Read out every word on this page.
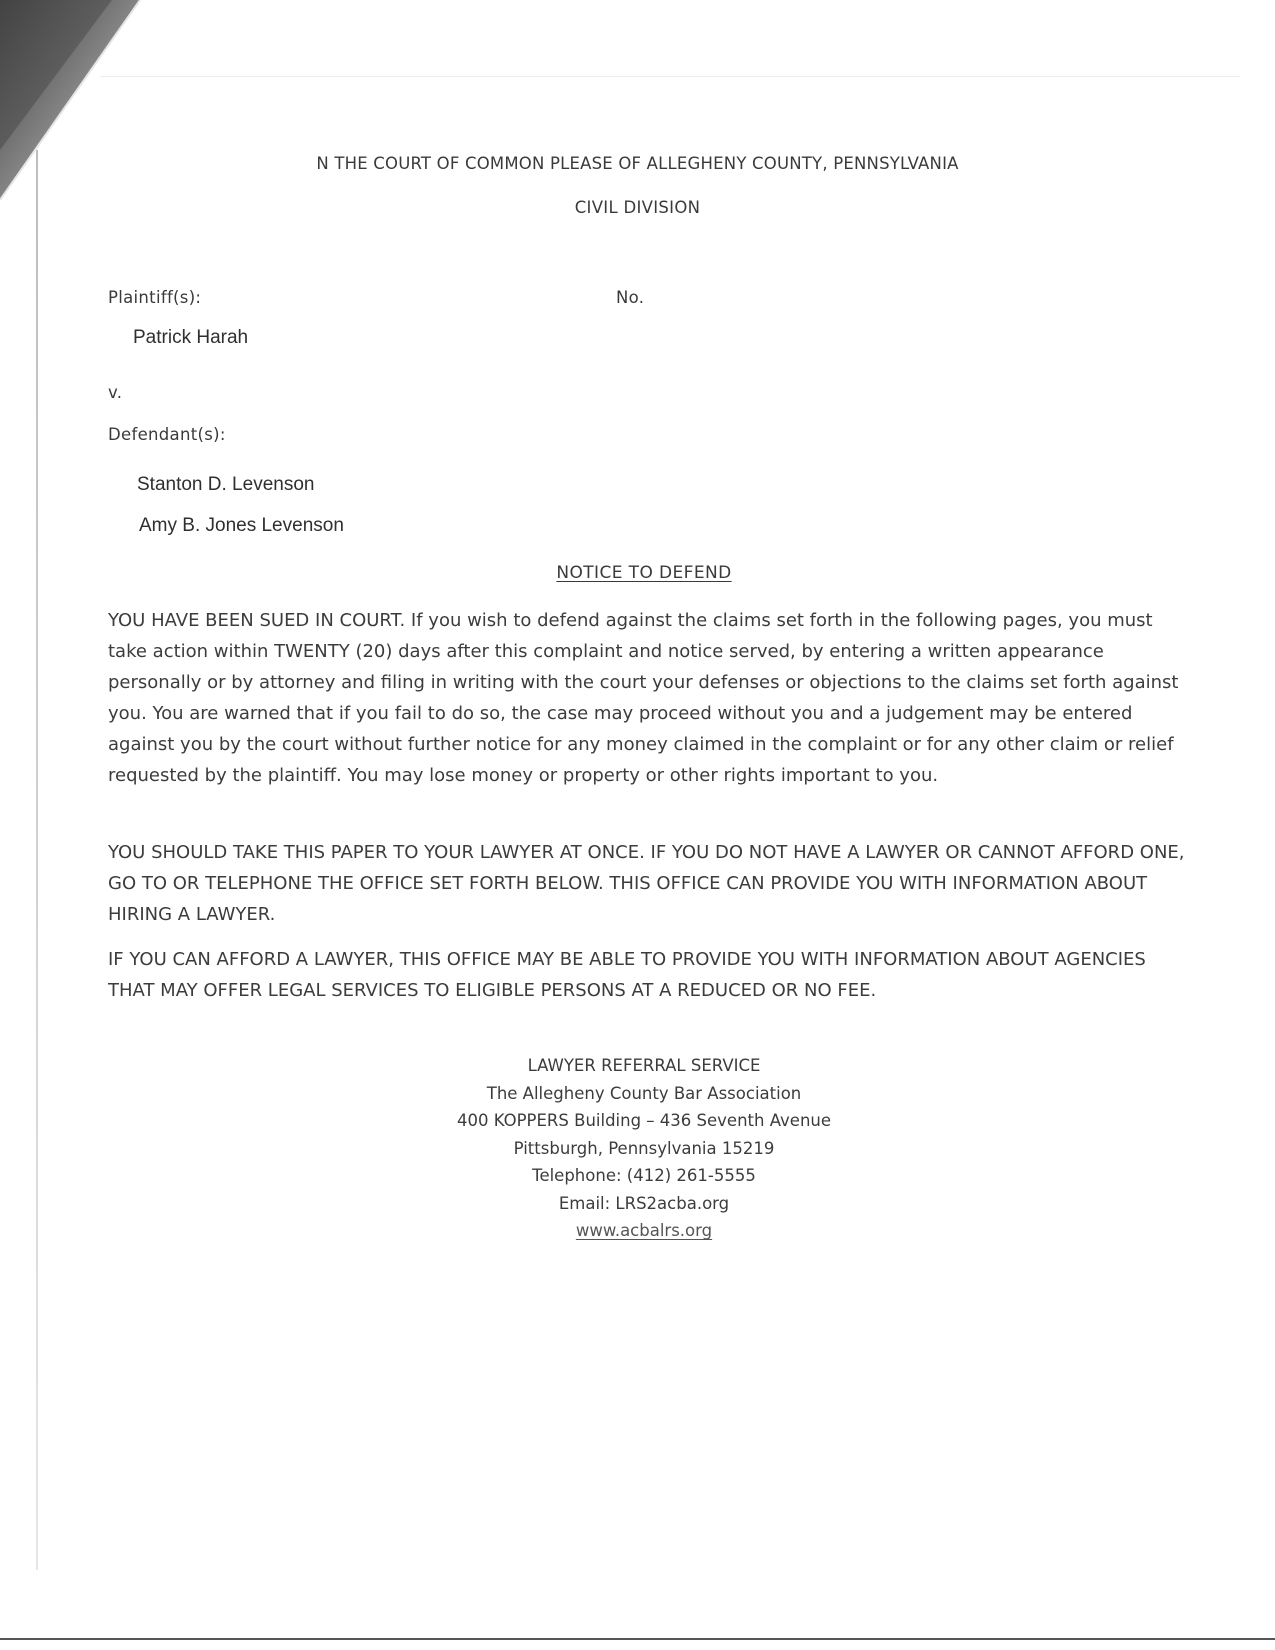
N THE COURT OF COMMON PLEASE OF ALLEGHENY COUNTY, PENNSYLVANIA
CIVIL DIVISION
Plaintiff(s):	No.
Patrick Harah
v.
Defendant(s):
Stanton D. Levenson
Amy B. Jones Levenson
NOTICE TO DEFEND
YOU HAVE BEEN SUED IN COURT. If you wish to defend against the claims set forth in the following pages, you must take action within TWENTY (20) days after this complaint and notice served, by entering a written appearance personally or by attorney and filing in writing with the court your defenses or objections to the claims set forth against you. You are warned that if you fail to do so, the case may proceed without you and a judgement may be entered against you by the court without further notice for any money claimed in the complaint or for any other claim or relief requested by the plaintiff. You may lose money or property or other rights important to you.
YOU SHOULD TAKE THIS PAPER TO YOUR LAWYER AT ONCE. IF YOU DO NOT HAVE A LAWYER OR CANNOT AFFORD ONE, GO TO OR TELEPHONE THE OFFICE SET FORTH BELOW. THIS OFFICE CAN PROVIDE YOU WITH INFORMATION ABOUT HIRING A LAWYER.
IF YOU CAN AFFORD A LAWYER, THIS OFFICE MAY BE ABLE TO PROVIDE YOU WITH INFORMATION ABOUT AGENCIES THAT MAY OFFER LEGAL SERVICES TO ELIGIBLE PERSONS AT A REDUCED OR NO FEE.
LAWYER REFERRAL SERVICE
The Allegheny County Bar Association
400 KOPPERS Building – 436 Seventh Avenue
Pittsburgh, Pennsylvania 15219
Telephone: (412) 261-5555
Email: LRS2acba.org
www.acbalrs.org
